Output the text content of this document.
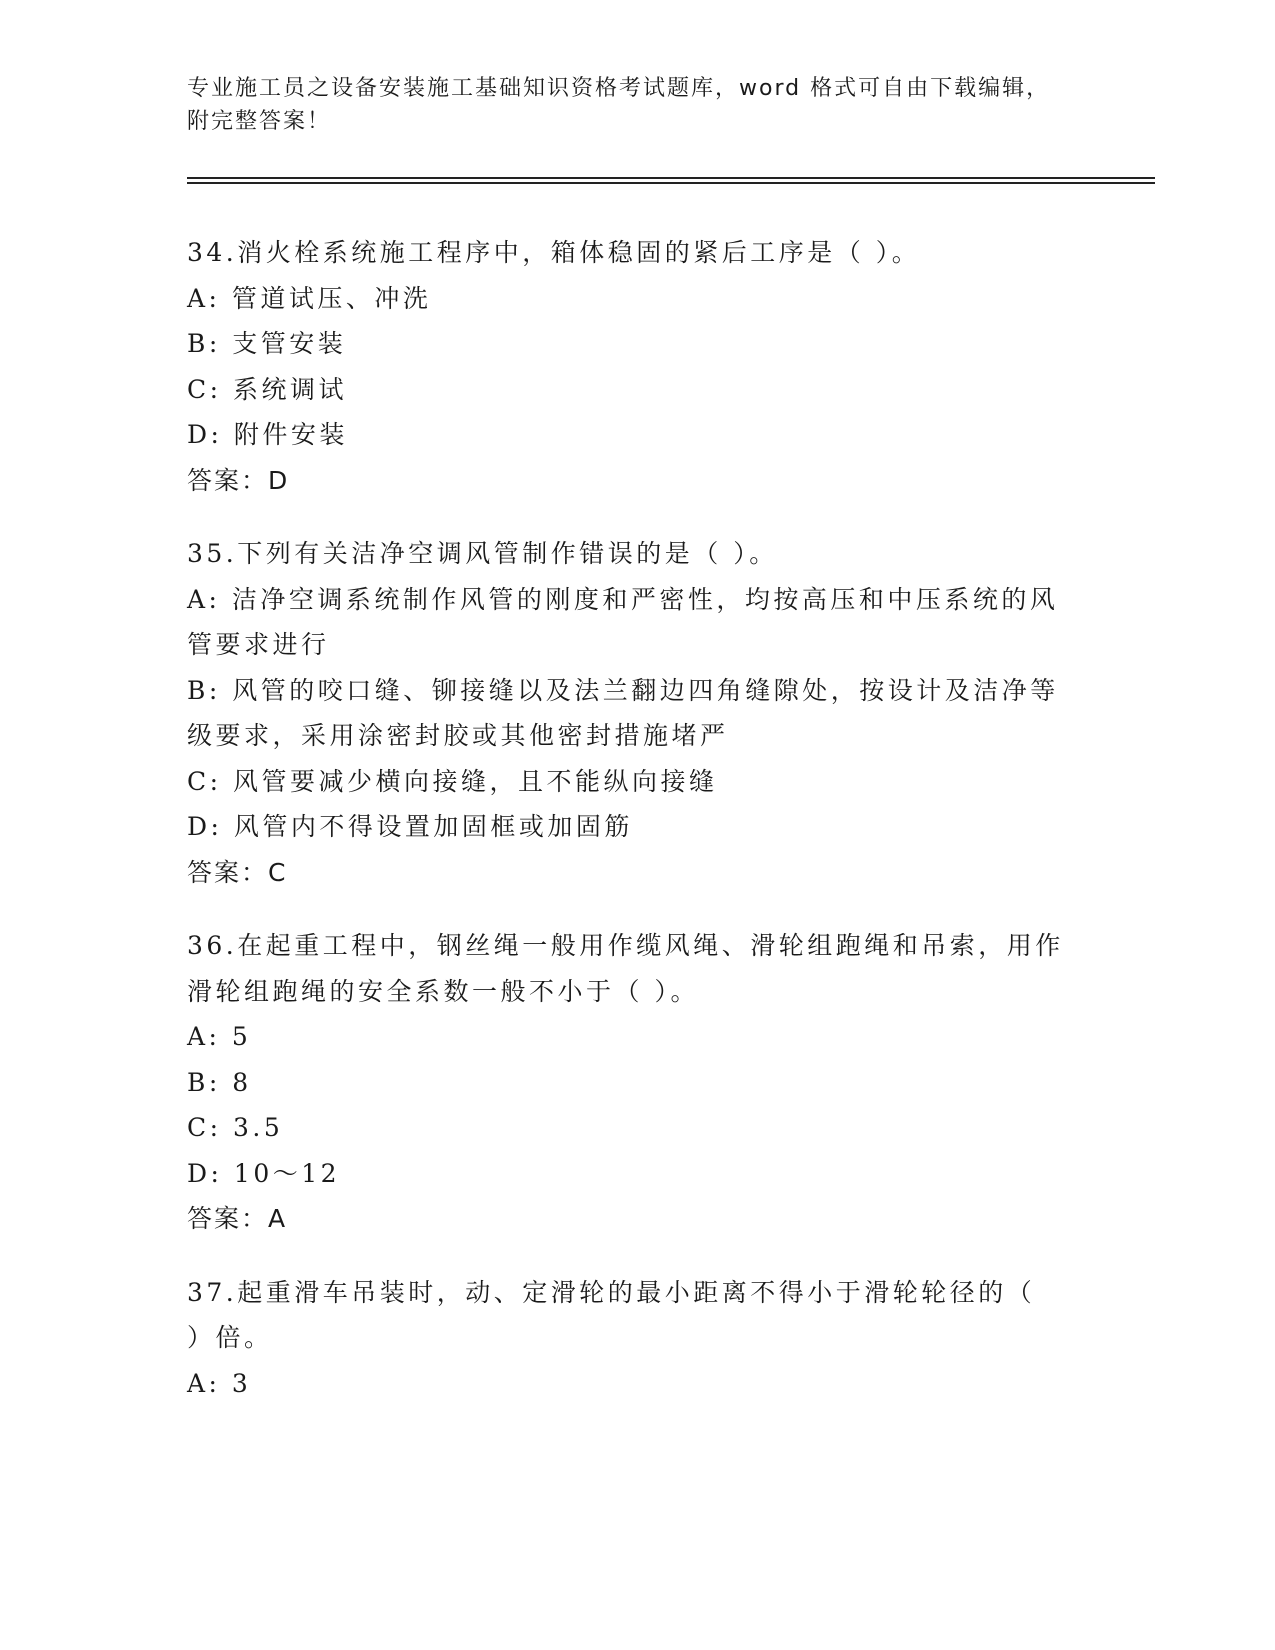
专业施工员之设备安装施工基础知识资格考试题库，word 格式可自由下载编辑，
附完整答案！

34.消火栓系统施工程序中，箱体稳固的紧后工序是（ ）。

A: 管道试压、冲洗

B: 支管安装

C: 系统调试

D: 附件安装

答案：D

35.下列有关洁净空调风管制作错误的是（ ）。

A: 洁净空调系统制作风管的刚度和严密性，均按高压和中压系统的风

管要求进行

B: 风管的咬口缝、铆接缝以及法兰翻边四角缝隙处，按设计及洁净等

级要求，采用涂密封胶或其他密封措施堵严

C: 风管要减少横向接缝，且不能纵向接缝

D: 风管内不得设置加固框或加固筋

答案：C

36.在起重工程中，钢丝绳一般用作缆风绳、滑轮组跑绳和吊索，用作

滑轮组跑绳的安全系数一般不小于（ ）。

A: 5

B: 8

C: 3.5

D: 10～12

答案：A

37.起重滑车吊装时，动、定滑轮的最小距离不得小于滑轮轮径的（

）倍。

A: 3
